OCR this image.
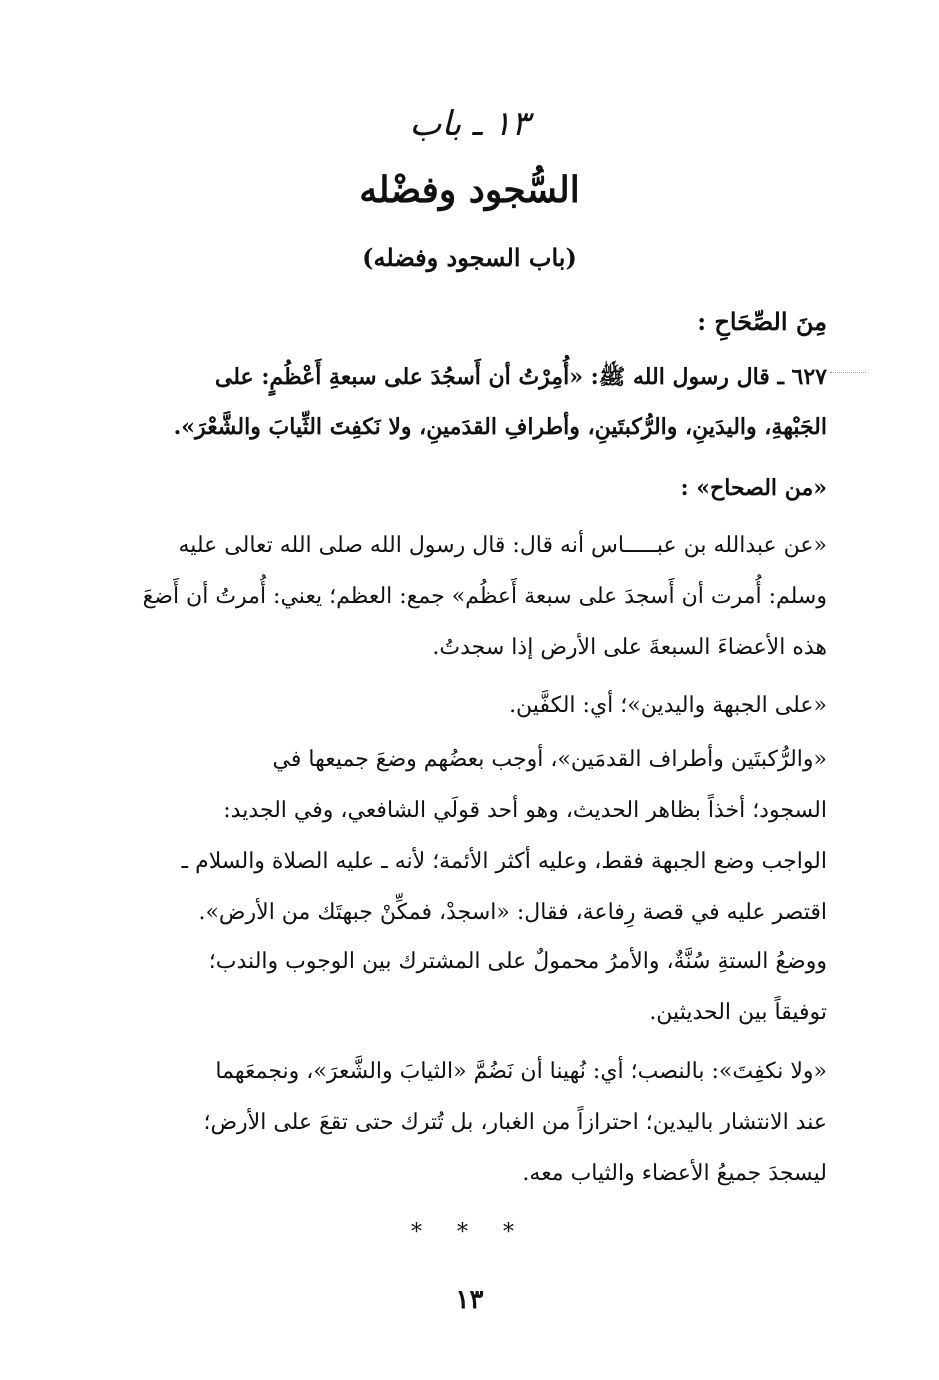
١٣ ـ باب
السُّجود وفضْله
(باب السجود وفضله)
مِنَ الصِّحَاحِ :
٦٢٧ ـ قال رسول الله ﷺ: «أُمِرْتُ أن أَسجُدَ على سبعةِ أَعْظُمٍ: على
الجَبْهةِ، واليدَينِ، والرُّكبتَينِ، وأطرافِ القدَمينِ، ولا نَكفِتَ الثِّيابَ والشَّعْرَ».
«من الصحاح» :
«عن عبدالله بن عبـــــاس أنه قال: قال رسول الله صلى الله تعالى عليه
وسلم: أُمرت أن أَسجدَ على سبعة أَعظُم» جمع: العظم؛ يعني: أُمرتُ أن أَضعَ
هذه الأعضاءَ السبعةَ على الأرض إذا سجدتُ.
«على الجبهة واليدين»؛ أي: الكفَّين.
«والرُّكبتَين وأطراف القدمَين»، أوجب بعضُهم وضعَ جميعها في
السجود؛ أخذاً بظاهر الحديث، وهو أحد قولَي الشافعي، وفي الجديد:
الواجب وضع الجبهة فقط، وعليه أكثر الأئمة؛ لأنه ـ عليه الصلاة والسلام ـ
اقتصر عليه في قصة رِفاعة، فقال: «اسجدْ، فمكِّنْ جبهتَك من الأرض».
ووضعُ الستةِ سُنَّةٌ، والأمرُ محمولٌ على المشترك بين الوجوب والندب؛
توفيقاً بين الحديثين.
«ولا نكفِتَ»: بالنصب؛ أي: نُهينا أن نَضُمَّ «الثيابَ والشَّعرَ»، ونجمعَهما
عند الانتشار باليدين؛ احترازاً من الغبار، بل تُترك حتى تقعَ على الأرض؛
ليسجدَ جميعُ الأعضاء والثياب معه.
* * *
١٣
